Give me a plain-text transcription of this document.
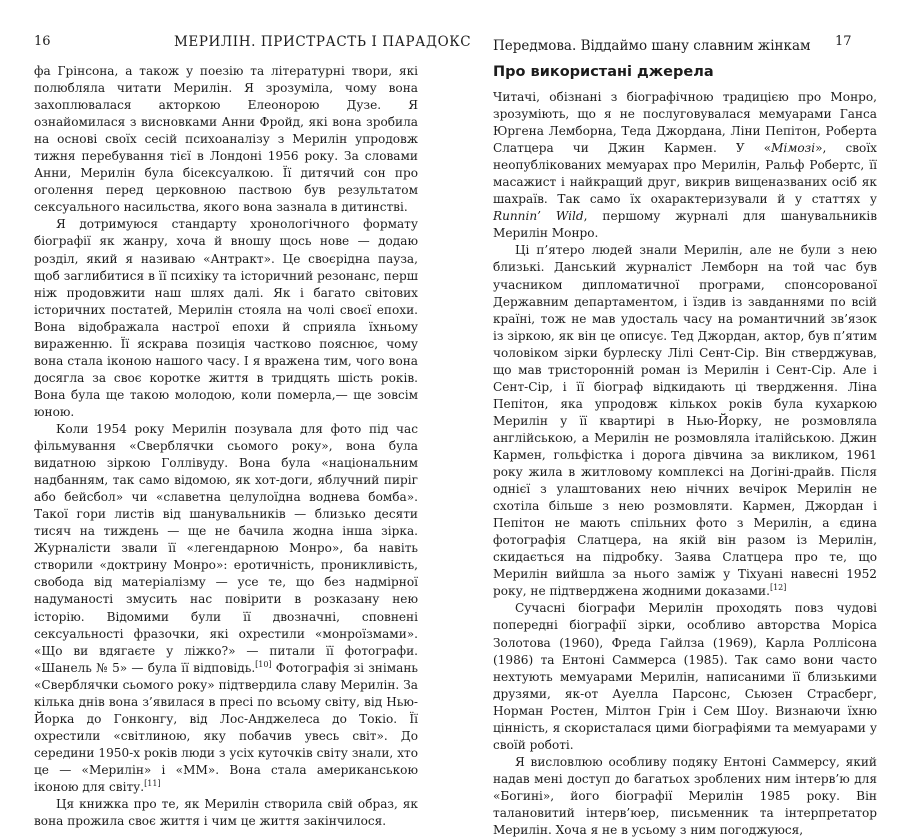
16	МЕРИЛІН. ПРИСТРАСТЬ І ПАРАДОКС

фа Грінсона, а також у поезію та літературні твори, які полюбляла читати Мерилін. Я зрозуміла, чому вона захоплювалася акторкою Елеонорою Дузе. Я ознайомилася з висновками Анни Фройд, які вона зробила на основі своїх сесій психоаналізу з Мерилін упродовж тижня перебування тієї в Лондоні 1956 року. За словами Анни, Мерилін була бісексуалкою. Її дитячий сон про оголення перед церковною паствою був результатом сексуального насильства, якого вона зазнала в дитинстві.

Я дотримуюся стандарту хронологічного формату біографії як жанру, хоча й вношу щось нове — додаю розділ, який я називаю «Антракт». Це своєрідна пауза, щоб заглибитися в її психіку та історичний резонанс, перш ніж продовжити наш шлях далі. Як і багато світових історичних постатей, Мерилін стояла на чолі своєї епохи. Вона відображала настрої епохи й сприяла їхньому вираженню. Її яскрава позиція частково пояснює, чому вона стала іконою нашого часу. І я вражена тим, чого вона досягла за своє коротке життя в тридцять шість років. Вона була ще такою молодою, коли померла,— ще зовсім юною.

Коли 1954 року Мерилін позувала для фото під час фільмування «Сверблячки сьомого року», вона була видатною зіркою Голлівуду. Вона була «національним надбанням, так само відомою, як хот-доги, яблучний пиріг або бейсбол» чи «славетна целулоїдна воднева бомба». Такої гори листів від шанувальників — близько десяти тисяч на тиждень — ще не бачила жодна інша зірка. Журналісти звали її «легендарною Монро», ба навіть створили «доктрину Монро»: еротичність, проникливість, свобода від матеріалізму — усе те, що без надмірної надуманості змусить нас повірити в розказану нею історію. Відомими були її двозначні, сповнені сексуальності фразочки, які охрестили «монроїзмами». «Що ви вдягаєте у ліжко?» — питали її фотографи. «Шанель № 5» — була її відповідь.[10] Фотографія зі знімань «Сверблячки сьомого року» підтвердила славу Мерилін. За кілька днів вона з’явилася в пресі по всьому світу, від Нью-Йорка до Гонконгу, від Лос-Анджелеса до Токіо. Її охрестили «світлиною, яку побачив увесь світ». До середини 1950-х років люди з усіх куточків світу знали, хто це — «Мерилін» і «ММ». Вона стала американською іконою для світу.[11]

Ця книжка про те, як Мерилін створила свій образ, як вона прожила своє життя і чим це життя закінчилося.

Передмова. Віддаймо шану славним жінкам 17
Про використані джерела

Читачі, обізнані з біографічною традицією про Монро, зрозуміють, що я не послуговувалася мемуарами Ганса Юргена Лемборна, Теда Джордана, Ліни Пепітон, Роберта Слатцера чи Джин Кармен. У «Мімозі», своїх неопублікованих мемуарах про Мерилін, Ральф Робертс, її масажист і найкращий друг, викрив вищеназваних осіб як шахраїв. Так само їх охарактеризували й у статтях у Runnin’ Wild, першому журналі для шанувальників Мерилін Монро.

Ці п’ятеро людей знали Мерилін, але не були з нею близькі. Данський журналіст Лемборн на той час був учасником дипломатичної програми, спонсорованої Державним департаментом, і їздив із завданнями по всій країні, тож не мав удосталь часу на романтичний зв’язок із зіркою, як він це описує. Тед Джордан, актор, був п’ятим чоловіком зірки бурлеску Лілі Сент-Сір. Він стверджував, що мав тристоронній роман із Мерилін і Сент-Сір. Але і Сент-Сір, і її біограф відкидають ці твердження. Ліна Пепітон, яка упродовж кількох років була кухаркою Мерилін у її квартирі в Нью-Йорку, не розмовляла англійською, а Мерилін не розмовляла італійською. Джин Кармен, гольфістка і дорога дівчина за викликом, 1961 року жила в житловому комплексі на Догіні-драйв. Після однієї з улаштованих нею нічних вечірок Мерилін не схотіла більше з нею розмовляти. Кармен, Джордан і Пепітон не мають спільних фото з Мерилін, а єдина фотографія Слатцера, на якій він разом із Мерилін, скидається на підробку. Заява Слатцера про те, що Мерилін вийшла за нього заміж у Тіхуані навесні 1952 року, не підтверджена жодними доказами.[12]

Сучасні біографи Мерилін проходять повз чудові попередні біографії зірки, особливо авторства Моріса Золотова (1960), Фреда Гайлза (1969), Карла Роллісона (1986) та Ентоні Саммерса (1985). Так само вони часто нехтують мемуарами Мерилін, написаними її близькими друзями, як-от Ауелла Парсонс, Сьюзен Страсберг, Норман Ростен, Мілтон Грін і Сем Шоу. Визнаючи їхню цінність, я скористалася цими біографіями та мемуарами у своїй роботі.

Я висловлюю особливу подяку Ентоні Саммерсу, який надав мені доступ до багатьох зроблених ним інтерв’ю для «Богині», його біографії Мерилін 1985 року. Він талановитий інтерв’юер, письменник та інтерпретатор Мерилін. Хоча я не в усьому з ним погоджуюся,
